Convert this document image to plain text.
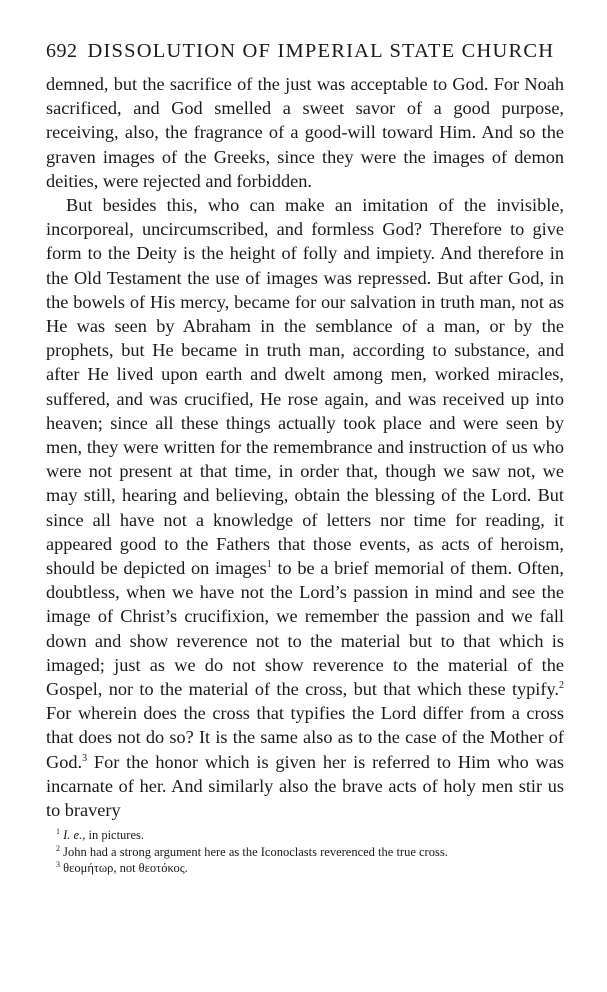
692 DISSOLUTION OF IMPERIAL STATE CHURCH

demned, but the sacrifice of the just was acceptable to God. For Noah sacrificed, and God smelled a sweet savor of a good purpose, receiving, also, the fragrance of a good-will toward Him. And so the graven images of the Greeks, since they were the images of demon deities, were rejected and forbidden.

But besides this, who can make an imitation of the invisible, incorporeal, uncircumscribed, and formless God? Therefore to give form to the Deity is the height of folly and impiety. And therefore in the Old Testament the use of images was repressed. But after God, in the bowels of His mercy, became for our salvation in truth man, not as He was seen by Abraham in the semblance of a man, or by the prophets, but He became in truth man, according to substance, and after He lived upon earth and dwelt among men, worked miracles, suffered, and was crucified, He rose again, and was received up into heaven; since all these things actually took place and were seen by men, they were written for the remembrance and instruction of us who were not present at that time, in order that, though we saw not, we may still, hearing and believing, obtain the blessing of the Lord. But since all have not a knowledge of letters nor time for reading, it appeared good to the Fathers that those events, as acts of heroism, should be depicted on images$^1$ to be a brief memorial of them. Often, doubtless, when we have not the Lord’s passion in mind and see the image of Christ’s crucifixion, we remember the passion and we fall down and show reverence not to the material but to that which is imaged; just as we do not show reverence to the material of the Gospel, nor to the material of the cross, but that which these typify.$^2$ For wherein does the cross that typifies the Lord differ from a cross that does not do so? It is the same also as to the case of the Mother of God.$^3$ For the honor which is given her is referred to Him who was incarnate of her. And similarly also the brave acts of holy men stir us to bravery

$^1$ I. e., in pictures.

$^2$ John had a strong argument here as the Iconoclasts reverenced the true cross.

$^3$ θεομήτωρ, not θεοτόκος.
